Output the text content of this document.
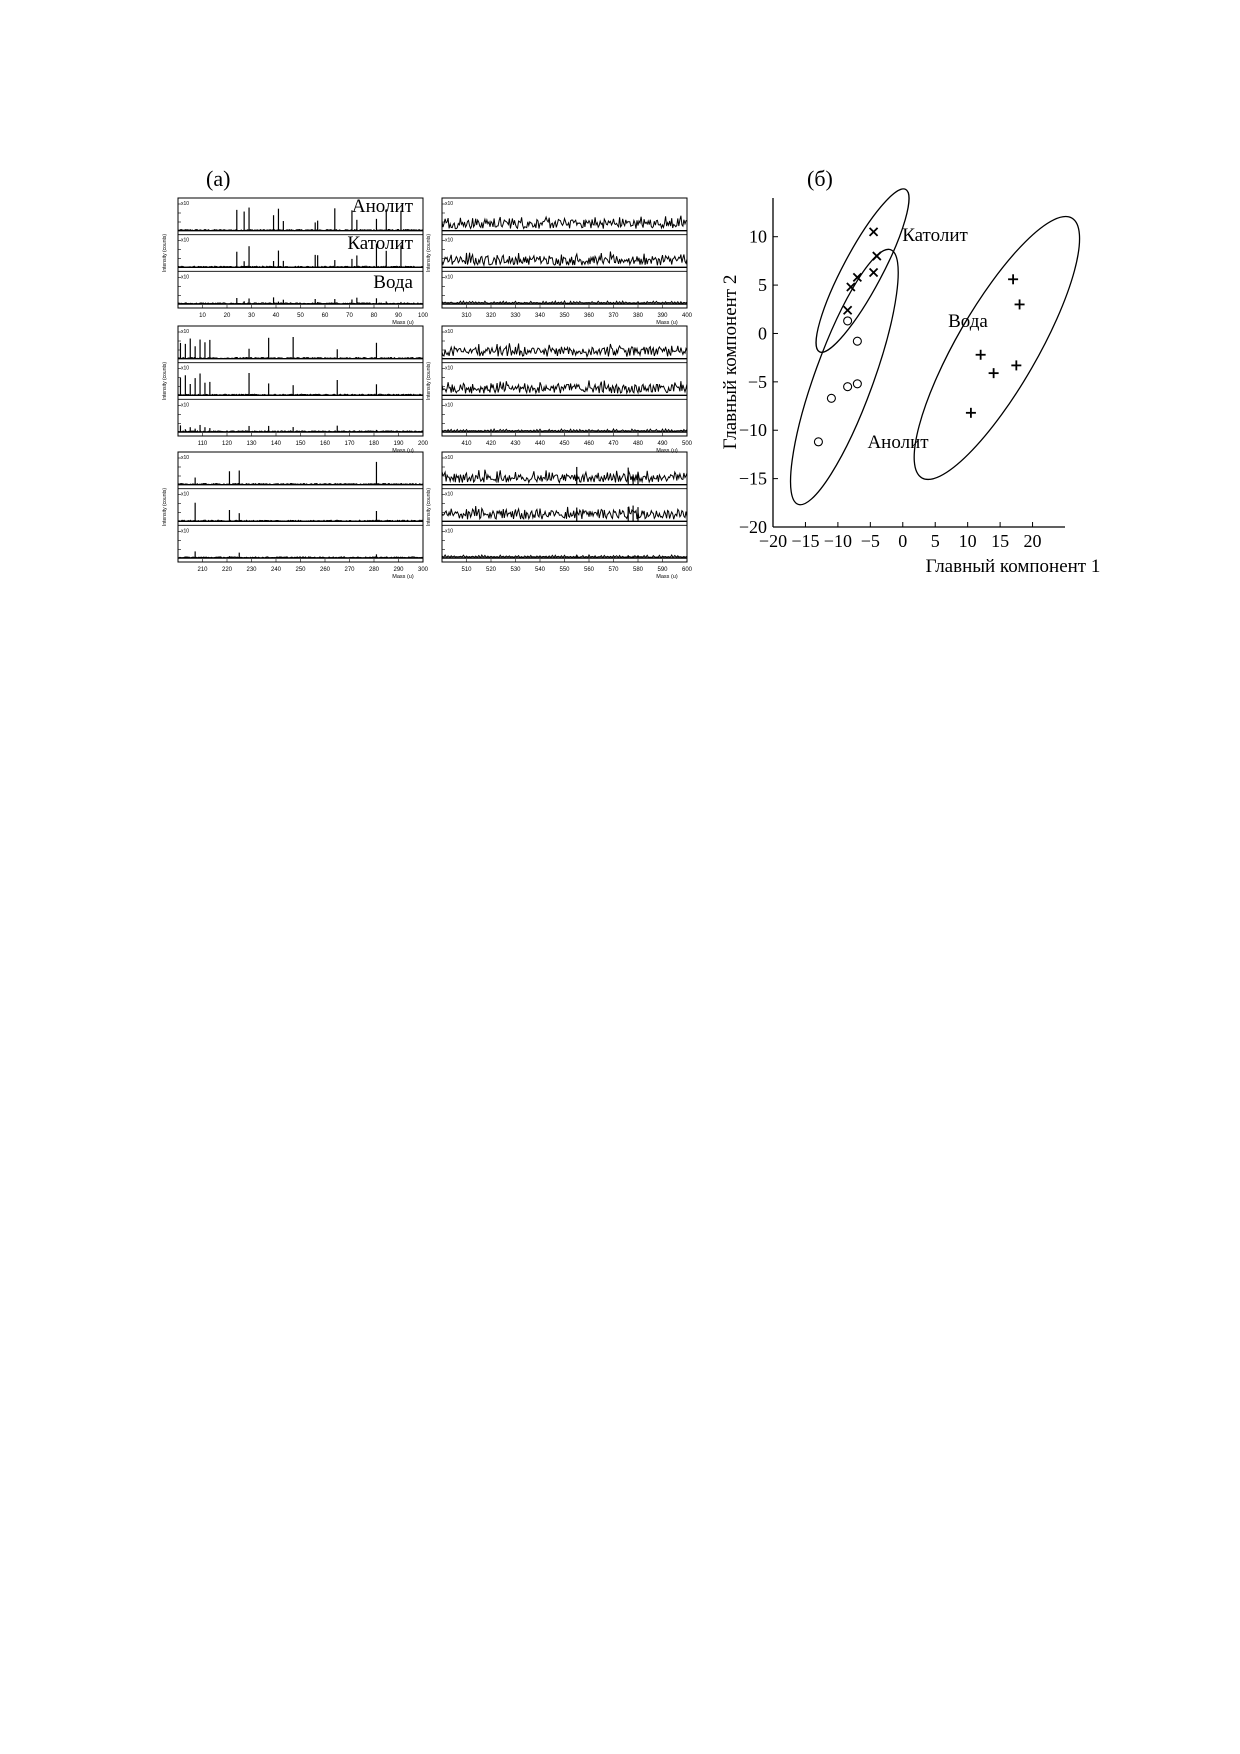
x10
x10
x10
10	20	30	40	50	60	70	80	90	100
Mass (u)
Intensity (counts)
x10
x10
x10
310 320 330 340 350 360 370 380 390 400
Mass (u)
Intensity (counts)
x10
x10
x10
110 120 130 140 150 160 170 180 190 200
Mass (u)
Intensity (counts)
x10
x10
x10
410 420 430 440 450 460 470 480 490 500
Mass (u)
Intensity (counts)
x10
x10
x10
210 220 230 240 250 260 270 280 290 300
Mass (u)
Intensity (counts)
x10
x10
x10
510 520 530 540 550 560 570 580 590 600
Mass (u)
Intensity (counts)
Анолит
Католит
Вода
−20 −15 −10 −5 0 5 10 15 20
10
5
0
−5
−10
−15
−20
Главный компонент 1
Главный компонент 2
Католит
Анолит
Вода
(а)	(б)
